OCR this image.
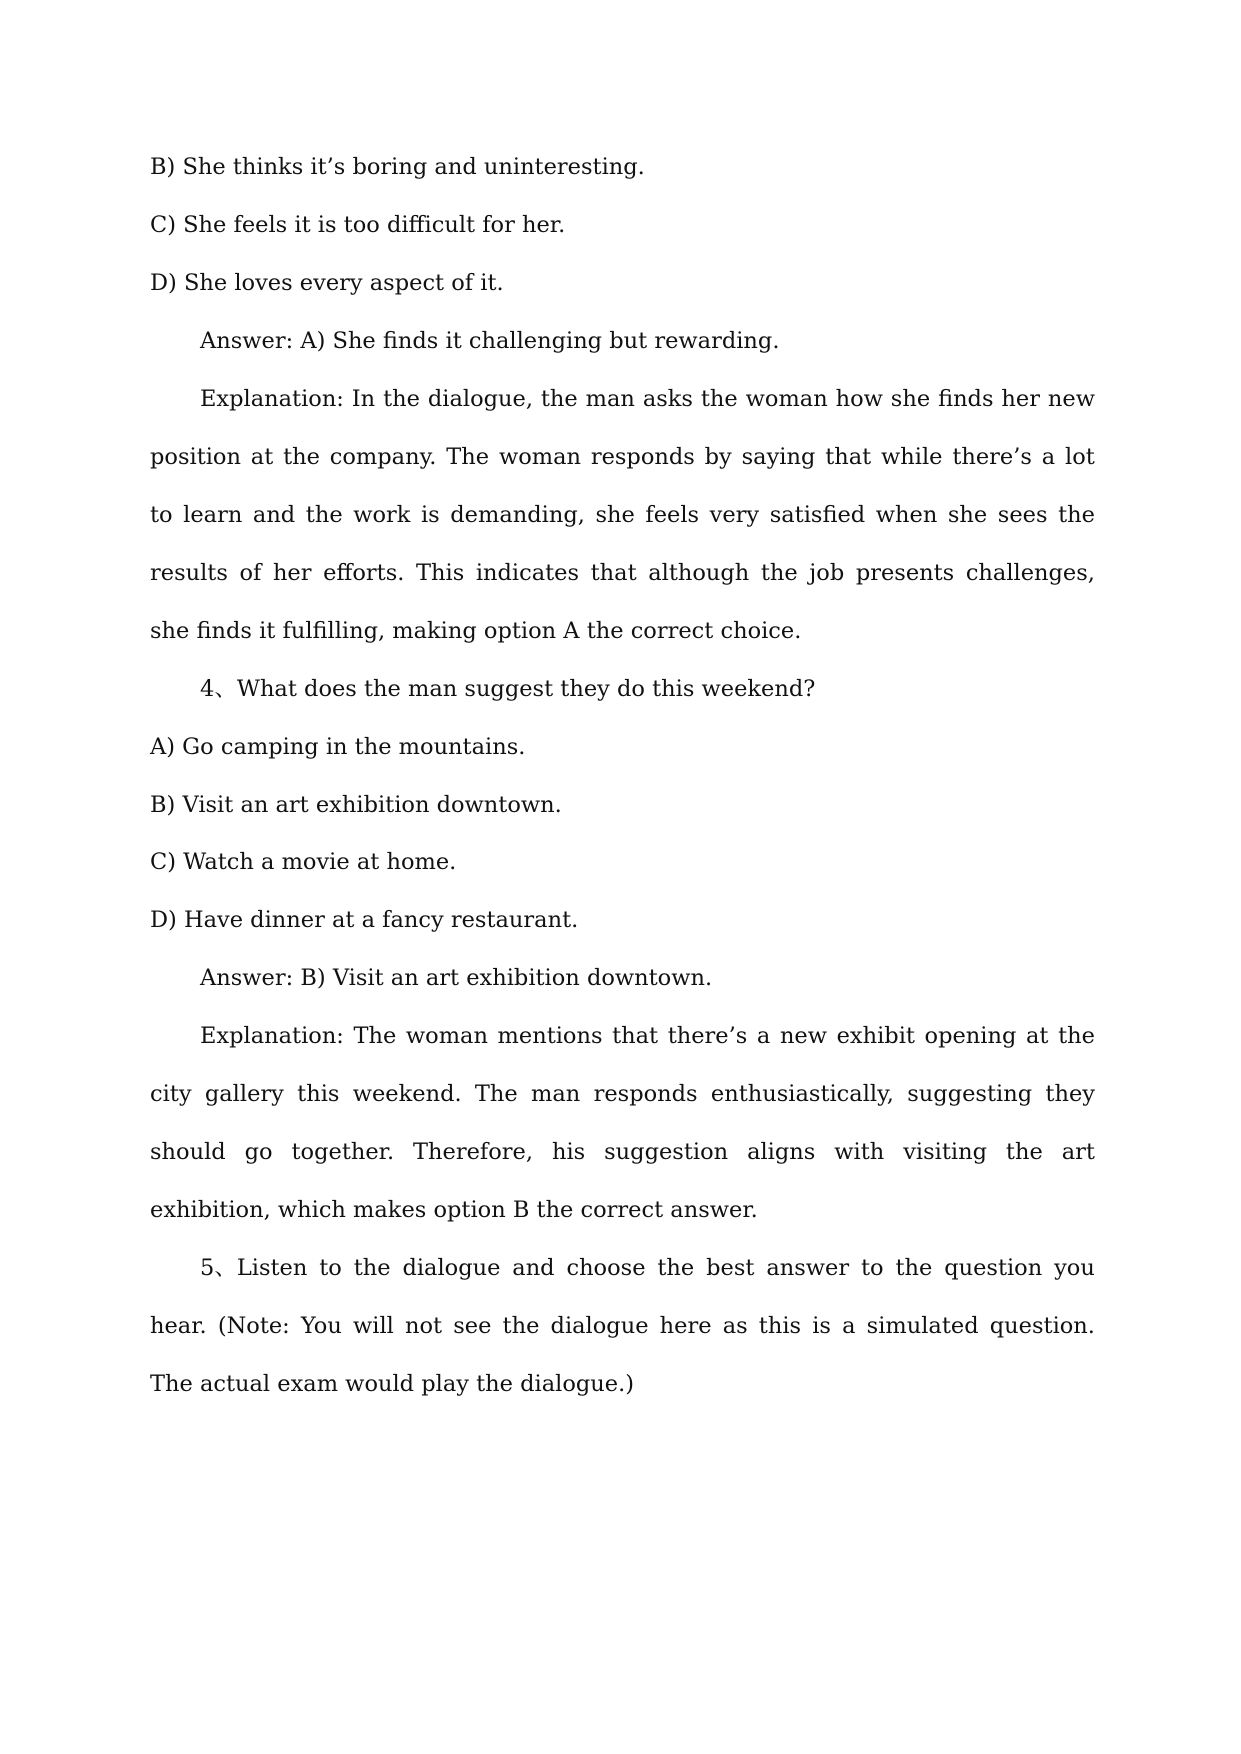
B) She thinks it’s boring and uninteresting.
C) She feels it is too difficult for her.
D) She loves every aspect of it.
Answer: A) She finds it challenging but rewarding.
Explanation: In the dialogue, the man asks the woman how she finds her new
position at the company. The woman responds by saying that while there’s a lot
to learn and the work is demanding, she feels very satisfied when she sees the
results of her efforts. This indicates that although the job presents challenges,
she finds it fulfilling, making option A the correct choice.
4、What does the man suggest they do this weekend?
A) Go camping in the mountains.
B) Visit an art exhibition downtown.
C) Watch a movie at home.
D) Have dinner at a fancy restaurant.
Answer: B) Visit an art exhibition downtown.
Explanation: The woman mentions that there’s a new exhibit opening at the
city gallery this weekend. The man responds enthusiastically, suggesting they
should go together. Therefore, his suggestion aligns with visiting the art
exhibition, which makes option B the correct answer.
5、Listen to the dialogue and choose the best answer to the question you
hear. (Note: You will not see the dialogue here as this is a simulated question.
The actual exam would play the dialogue.)
